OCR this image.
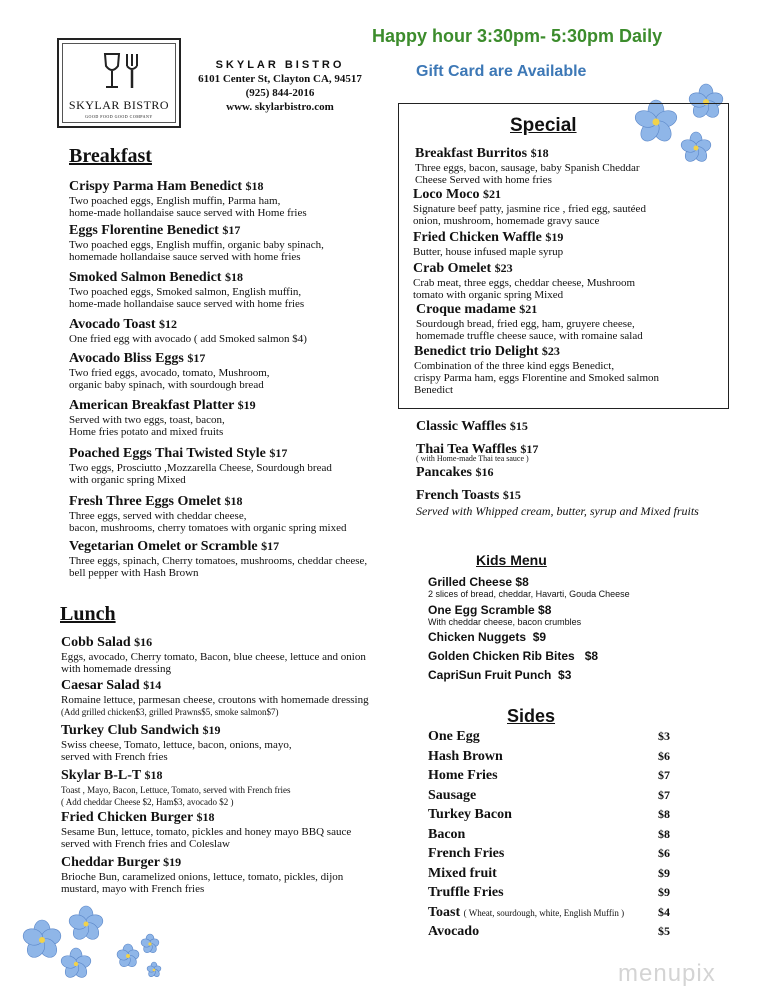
SKYLAR BISTRO
GOOD FOOD GOOD COMPANY
SKYLAR BISTRO
6101 Center St, Clayton CA, 94517
(925) 844-2016
www. skylarbistro.com
Happy hour 3:30pm- 5:30pm Daily
Gift Card are Available
Breakfast
Crispy Parma Ham Benedict $18
Two poached eggs, English muffin, Parma ham,
home-made hollandaise sauce served with Home fries
Eggs Florentine Benedict $17
Two poached eggs, English muffin, organic baby spinach,
homemade hollandaise sauce served with home fries
Smoked Salmon Benedict $18
Two poached eggs, Smoked salmon, English muffin,
home-made hollandaise sauce served with home fries
Avocado Toast $12
One fried egg with avocado ( add Smoked salmon $4)
Avocado Bliss Eggs $17
Two fried eggs, avocado, tomato, Mushroom,
organic baby spinach, with sourdough bread
American Breakfast Platter $19
Served with two eggs, toast, bacon,
Home fries potato and mixed fruits
Poached Eggs Thai Twisted Style $17
Two eggs, Prosciutto ,Mozzarella Cheese, Sourdough bread
with organic spring Mixed
Fresh Three Eggs Omelet $18
Three eggs, served with cheddar cheese,
bacon, mushrooms, cherry tomatoes with organic spring mixed
Vegetarian Omelet or Scramble $17
Three eggs, spinach, Cherry tomatoes, mushrooms, cheddar cheese,
bell pepper with Hash Brown
Lunch
Cobb Salad $16
Eggs, avocado, Cherry tomato, Bacon, blue cheese, lettuce and onion
with homemade dressing
Caesar Salad $14
Romaine lettuce, parmesan cheese, croutons with homemade dressing
(Add grilled chicken$3, grilled Prawns$5, smoke salmon$7)
Turkey Club Sandwich $19
Swiss cheese, Tomato, lettuce, bacon, onions, mayo,
served with French fries
Skylar B-L-T $18
Toast , Mayo, Bacon, Lettuce, Tomato, served with French fries
( Add cheddar Cheese $2, Ham$3, avocado $2 )
Fried Chicken Burger $18
Sesame Bun, lettuce, tomato, pickles and honey mayo BBQ sauce
served with French fries and Coleslaw
Cheddar Burger $19
Brioche Bun, caramelized onions, lettuce, tomato, pickles, dijon
mustard, mayo with French fries
Special
Breakfast Burritos $18
Three eggs, bacon, sausage, baby Spanish Cheddar
Cheese Served with home fries
Loco Moco $21
Signature beef patty, jasmine rice , fried egg, sautéed
onion, mushroom, homemade gravy sauce
Fried Chicken Waffle $19
Butter, house infused maple syrup
Crab Omelet $23
Crab meat, three eggs, cheddar cheese, Mushroom
tomato with organic spring Mixed
Croque madame $21
Sourdough bread, fried egg, ham, gruyere cheese,
homemade truffle cheese sauce, with romaine salad
Benedict trio Delight $23
Combination of the three kind eggs Benedict,
crispy Parma ham, eggs Florentine and Smoked salmon
Benedict
Classic Waffles $15
Thai Tea Waffles $17
( with Home-made Thai tea sauce )
Pancakes $16
French Toasts $15
Served with Whipped cream, butter, syrup and Mixed fruits
Kids Menu
Grilled Cheese $8
2 slices of bread, cheddar, Havarti, Gouda Cheese
One Egg Scramble $8
With cheddar cheese, bacon crumbles
Chicken Nuggets $9
Golden Chicken Rib Bites $8
CapriSun Fruit Punch $3
Sides
One Egg	$3
Hash Brown	$6
Home Fries	$7
Sausage	$7
Turkey Bacon	$8
Bacon	$8
French Fries	$6
Mixed fruit	$9
Truffle Fries	$9
Toast ( Wheat, sourdough, white, English Muffin )	$4
Avocado	$5
menupix
